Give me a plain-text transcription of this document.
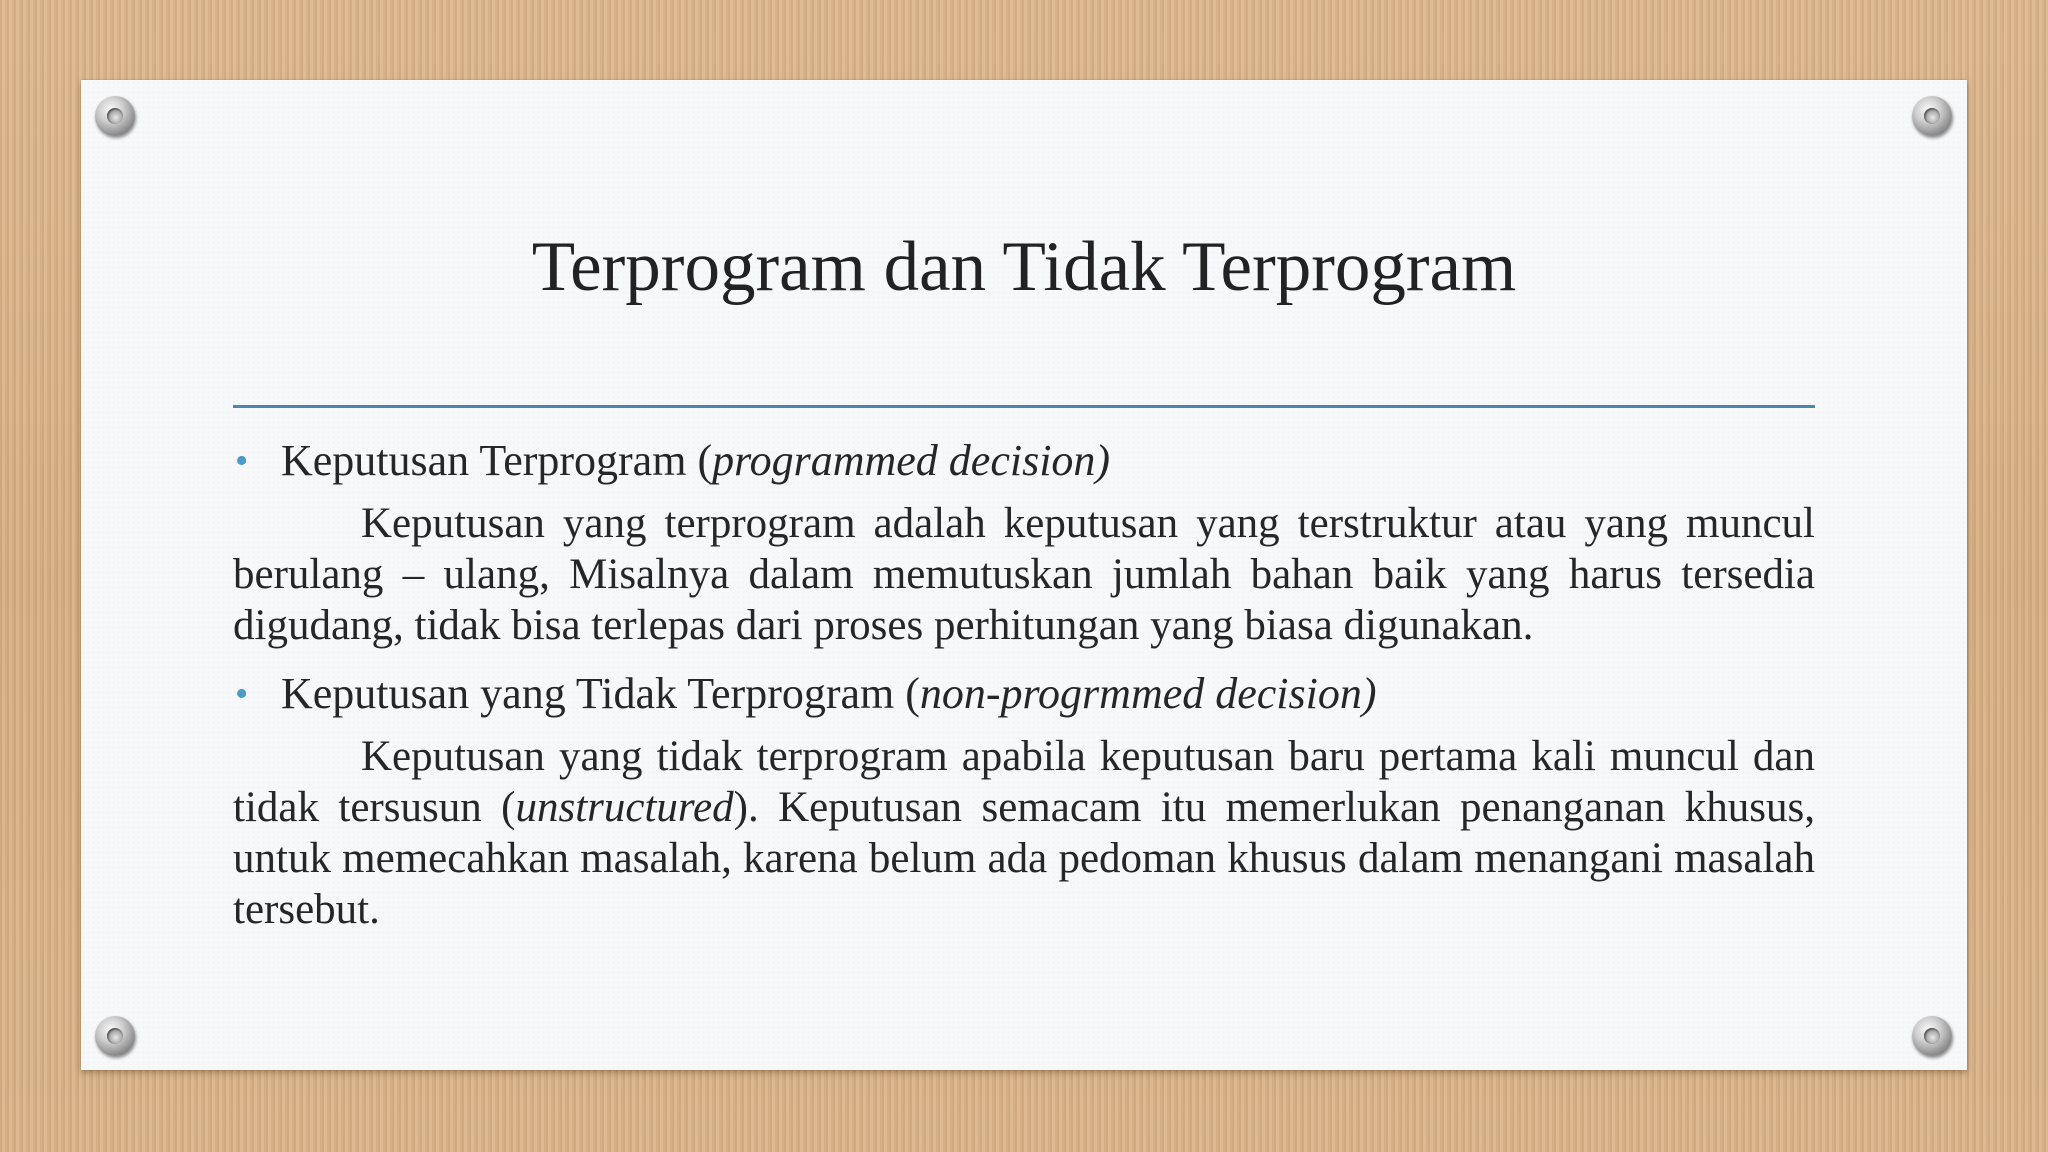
Terprogram dan Tidak Terprogram

• Keputusan Terprogram (programmed decision)

Keputusan yang terprogram adalah keputusan yang terstruktur atau yang muncul berulang – ulang, Misalnya dalam memutuskan jumlah bahan baik yang harus tersedia digudang, tidak bisa terlepas dari proses perhitungan yang biasa digunakan.

• Keputusan yang Tidak Terprogram (non-progrmmed decision)

Keputusan yang tidak terprogram apabila keputusan baru pertama kali muncul dan tidak tersusun (unstructured). Keputusan semacam itu memerlukan penanganan khusus, untuk memecahkan masalah, karena belum ada pedoman khusus dalam menangani masalah tersebut.
